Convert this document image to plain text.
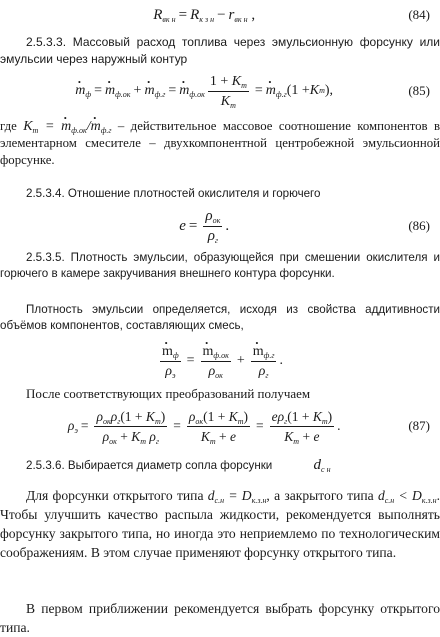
$R_{вк н} = R_{к з н} - r_{вк н}$ ,	(84)

2.5.3.3. Массовый расход топлива через эмульсионную форсунку или эмульсии через наружный контур

· $m_ф$ = · $m_{ф.ок}$ + · $m_{ф.г}$ = · $m_{ф.ок} \frac{1 + K_m}{K_m}$ = · $m_{ф.г}$ (1 + K m ),	(85)

где $K_m$ = · $m_{ф.ок}/\cdot m_{ф.г}$ – действительное массовое соотношение компонентов в элементарном смесителе – двухкомпонентной центробежной эмульсионной форсунке.

2.5.3.4. Отношение плотностей окислителя и горючего

$e = \frac{\rho_{ок}}{\rho_г}$ .	(86)

2.5.3.5. Плотность эмульсии, образующейся при смешении окислителя и горючего в камере закручивания внешнего контура форсунки.

Плотность эмульсии определяется, исходя из свойства аддитивности объёмов компонентов, составляющих смесь,

· $\frac{m_ф}{\rho_э}$ = · $\frac{m_{ф.ок}}{\rho_{ок}}$ + · $\frac{m_{ф.г}}{\rho_г}$ .

После соответствующих преобразований получаем

$\rho_э = \frac{\rho_{ок}\rho_г(1 + K_m)}{\rho_{ок} + K_m \rho_г} = \frac{\rho_{ок}(1 + K_m)}{K_m + e} = \frac{e\rho_г(1 + K_m)}{K_m + e}$ .	(87)

2.5.3.6. Выбирается диаметр сопла форсунки	$d_{с н}$

Для форсунки открытого типа $d_{с.н} = D_{к.з.н}$, а закрытого типа $d_{с.н} < D_{к.з.н}$. Чтобы улучшить качество распыла жидкости, рекомендуется выполнять форсунку закрытого типа, но иногда это неприемлемо по технологическим соображениям. В этом случае применяют форсунку открытого типа.

В первом приближении рекомендуется выбрать форсунку открытого типа.
